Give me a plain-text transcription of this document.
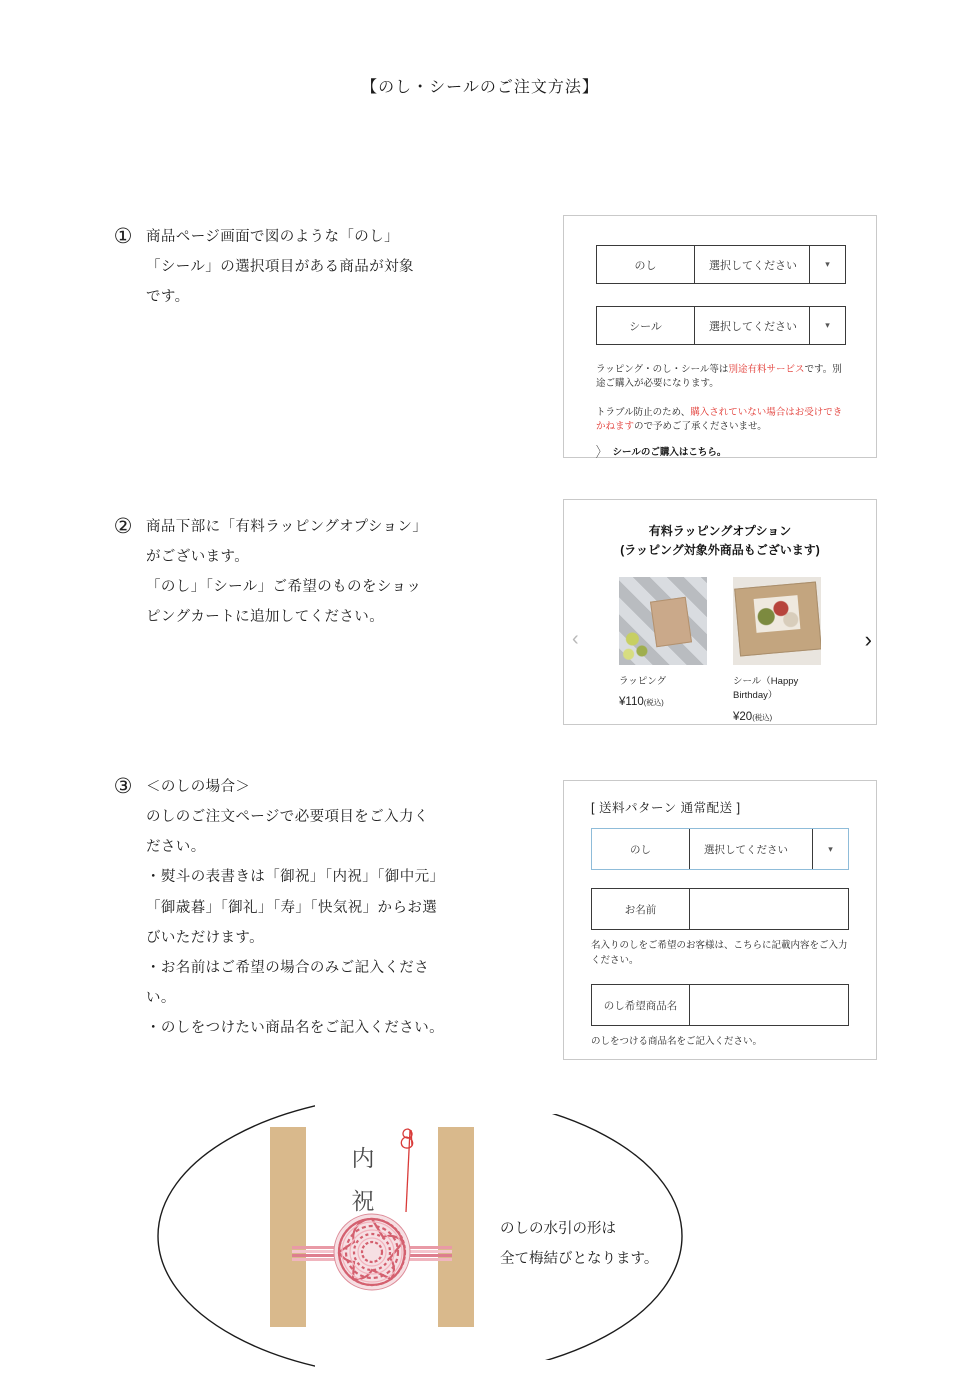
【のし・シールのご注文方法】
① 商品ページ画面で図のような「のし」
「シール」の選択項目がある商品が対象
です。
のし	選択してください	▾
シール	選択してください	▾
ラッピング・のし・シール等は別途有料サービスです。別途ご購入が必要になります。
トラブル防止のため、購入されていない場合はお受けできかねますので予めご了承くださいませ。
〉 シールのご購入はこちら。
② 商品下部に「有料ラッピングオプション」
がございます。
「のし」「シール」ご希望のものをショッ
ピングカートに追加してください。
有料ラッピングオプション
(ラッピング対象外商品もございます)
‹	›
ラッピング
¥110(税込)
シール（Happy Birthday）
¥20(税込)
③ ＜のしの場合＞
のしのご注文ページで必要項目をご入力く
ださい。
・熨斗の表書きは「御祝」「内祝」「御中元」
「御歳暮」「御礼」「寿」「快気祝」からお選
びいただけます。
・お名前はご希望の場合のみご記入くださ
い。
・のしをつけたい商品名をご記入ください。
[ 送料パターン 通常配送 ]
のし	選択してください	▾
お名前
名入りのしをご希望のお客様は、こちらに記載内容をご入力ください。
のし希望商品名
のしをつける商品名をご記入ください。
内
祝
のしの水引の形は
全て梅結びとなります。
